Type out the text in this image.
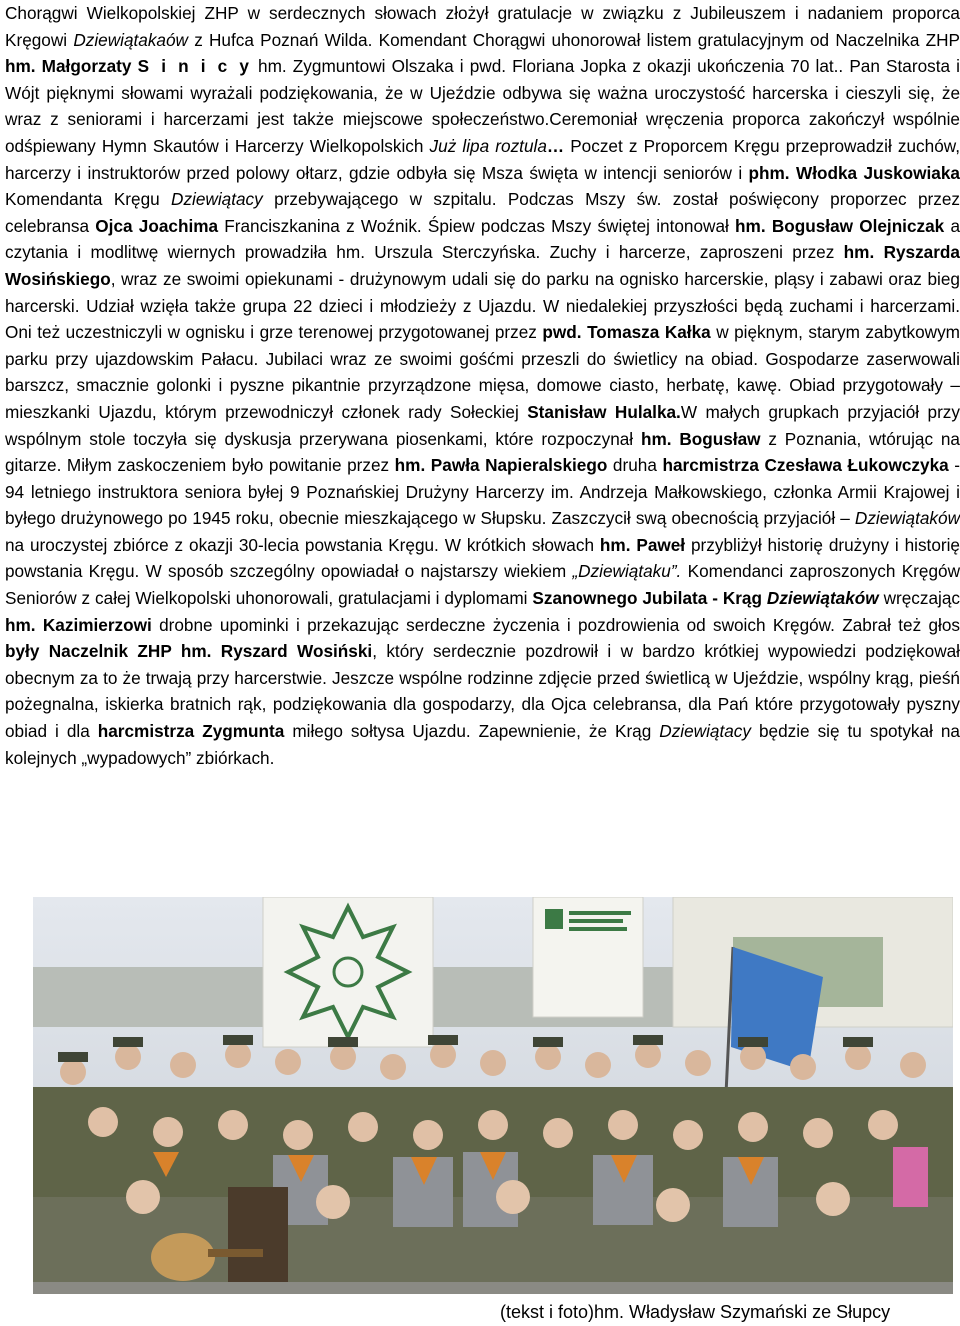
Chorągwi Wielkopolskiej ZHP w serdecznych słowach złożył gratulacje w związku z Jubileuszem i nadaniem proporca Kręgowi Dziewiątakaów z Hufca Poznań Wilda. Komendant Chorągwi uhonorował listem gratulacyjnym od Naczelnika ZHP hm. Małgorzaty S i n i c y hm. Zygmuntowi Olszaka i pwd. Floriana Jopka z okazji ukończenia 70 lat.. Pan Starosta i Wójt pięknymi słowami wyrażali podziękowania, że w Ujeździe odbywa się ważna uroczystość harcerska i cieszyli się, że wraz z seniorami i harcerzami jest także miejscowe społeczeństwo.Ceremoniał wręczenia proporca zakończył wspólnie odśpiewany Hymn Skautów i Harcerzy Wielkopolskich Już lipa roztula… Poczet z Proporcem Kręgu przeprowadził zuchów, harcerzy i instruktorów przed polowy ołtarz, gdzie odbyła się Msza święta w intencji seniorów i phm. Włodka Juskowiaka Komendanta Kręgu Dziewiątacy przebywającego w szpitalu. Podczas Mszy św. został poświęcony proporzec przez celebransa Ojca Joachima Franciszkanina z Woźnik. Śpiew podczas Mszy świętej intonował hm. Bogusław Olejniczak a czytania i modlitwę wiernych prowadziła hm. Urszula Sterczyńska. Zuchy i harcerze, zaproszeni przez hm. Ryszarda Wosińskiego, wraz ze swoimi opiekunami - drużynowym udali się do parku na ognisko harcerskie, pląsy i zabawi oraz bieg harcerski. Udział wzięła także grupa 22 dzieci i młodzieży z Ujazdu. W niedalekiej przyszłości będą zuchami i harcerzami. Oni też uczestniczyli w ognisku i grze terenowej przygotowanej przez pwd. Tomasza Kałka w pięknym, starym zabytkowym parku przy ujazdowskim Pałacu. Jubilaci wraz ze swoimi gośćmi przeszli do świetlicy na obiad. Gospodarze zaserwowali barszcz, smacznie golonki i pyszne pikantnie przyrządzone mięsa, domowe ciasto, herbatę, kawę. Obiad przygotowały – mieszkanki Ujazdu, którym przewodniczył członek rady Sołeckiej Stanisław Hulalka.W małych grupkach przyjaciół przy wspólnym stole toczyła się dyskusja przerywana piosenkami, które rozpoczynał hm. Bogusław z Poznania, wtórując na gitarze. Miłym zaskoczeniem było powitanie przez hm. Pawła Napieralskiego druha harcmistrza Czesława Łukowczyka - 94 letniego instruktora seniora byłej 9 Poznańskiej Drużyny Harcerzy im. Andrzeja Małkowskiego, członka Armii Krajowej i byłego drużynowego po 1945 roku, obecnie mieszkającego w Słupsku. Zaszczycił swą obecnością przyjaciół – Dziewiątaków na uroczystej zbiórce z okazji 30-lecia powstania Kręgu. W krótkich słowach hm. Paweł przybliżył historię drużyny i historię powstania Kręgu. W sposób szczególny opowiadał o najstarszy wiekiem „Dziewiątaku”. Komendanci zaproszonych Kręgów Seniorów z całej Wielkopolski uhonorowali, gratulacjami i dyplomami Szanownego Jubilata - Krąg Dziewiątaków wręczając hm. Kazimierzowi drobne upominki i przekazując serdeczne życzenia i pozdrowienia od swoich Kręgów. Zabrał też głos były Naczelnik ZHP hm. Ryszard Wosiński, który serdecznie pozdrowił i w bardzo krótkiej wypowiedzi podziękował obecnym za to że trwają przy harcerstwie. Jeszcze wspólne rodzinne zdjęcie przed świetlicą w Ujeździe, wspólny krąg, pieśń pożegnalna, iskierka bratnich rąk, podziękowania dla gospodarzy, dla Ojca celebransa, dla Pań które przygotowały pyszny obiad i dla harcmistrza Zygmunta miłego sołtysa Ujazdu. Zapewnienie, że Krąg Dziewiątacy będzie się tu spotykał na kolejnych „wypadowych” zbiórkach.

(tekst i foto)hm. Władysław Szymański ze Słupcy
